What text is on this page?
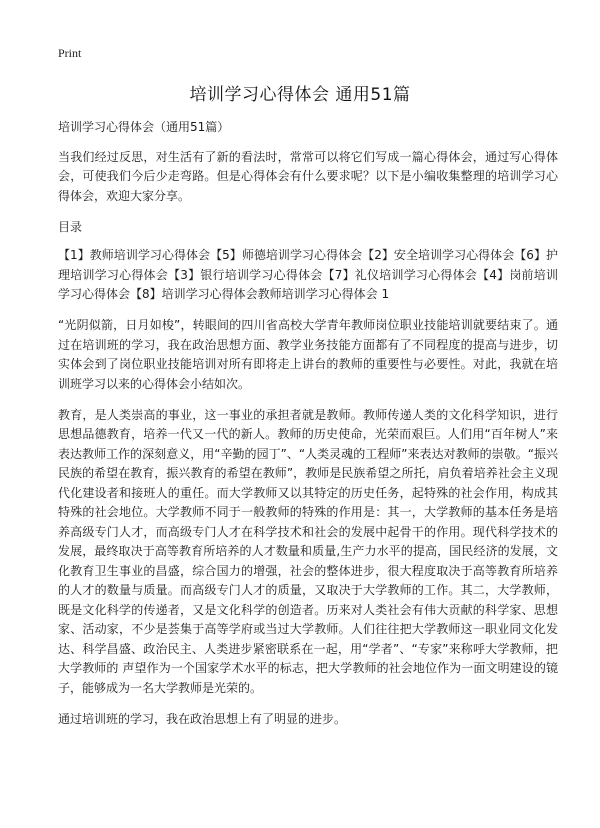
Print
培训学习心得体会 通用51篇

培训学习心得体会（通用51篇）

当我们经过反思，对生活有了新的看法时，常常可以将它们写成一篇心得体会，通过写心得体会，可使我们今后少走弯路。但是心得体会有什么要求呢？以下是小编收集整理的培训学习心得体会，欢迎大家分享。

目录

【1】教师培训学习心得体会【5】师德培训学习心得体会【2】安全培训学习心得体会【6】护理培训学习心得体会【3】银行培训学习心得体会【7】礼仪培训学习心得体会【4】岗前培训学习心得体会【8】培训学习心得体会教师培训学习心得体会 1

“光阴似箭，日月如梭”，转眼间的四川省高校大学青年教师岗位职业技能培训就要结束了。通过在培训班的学习，我在政治思想方面、教学业务技能方面都有了不同程度的提高与进步，切实体会到了岗位职业技能培训对所有即将走上讲台的教师的重要性与必要性。对此，我就在培训班学习以来的心得体会小结如次。

教育，是人类崇高的事业，这一事业的承担者就是教师。教师传递人类的文化科学知识，进行思想品德教育，培养一代又一代的新人。教师的历史使命，光荣而艰巨。人们用“百年树人”来表达教师工作的深刻意义，用“辛勤的园丁”、“人类灵魂的工程师”来表达对教师的崇敬。“振兴民族的希望在教育，振兴教育的希望在教师”，教师是民族希望之所托，肩负着培养社会主义现代化建设者和接班人的重任。而大学教师又以其特定的历史任务，起特殊的社会作用，构成其特殊的社会地位。大学教师不同于一般教师的特殊的作用是：其一，大学教师的基本任务是培养高级专门人才，而高级专门人才在科学技术和社会的发展中起骨干的作用。现代科学技术的发展，最终取决于高等教育所培养的人才数量和质量,生产力水平的提高，国民经济的发展，文化教育卫生事业的昌盛，综合国力的增强，社会的整体进步，很大程度取决于高等教育所培养的人才的数量与质量。而高级专门人才的质量，又取决于大学教师的工作。其二，大学教师，既是文化科学的传递者，又是文化科学的创造者。历来对人类社会有伟大贡献的科学家、思想家、活动家，不少是荟集于高等学府或当过大学教师。人们往往把大学教师这一职业同文化发达、科学昌盛、政治民主、人类进步紧密联系在一起，用“学者”、“专家”来称呼大学教师，把大学教师的 声望作为一个国家学术水平的标志，把大学教师的社会地位作为一面文明建设的镜子，能够成为一名大学教师是光荣的。

通过培训班的学习，我在政治思想上有了明显的进步。
